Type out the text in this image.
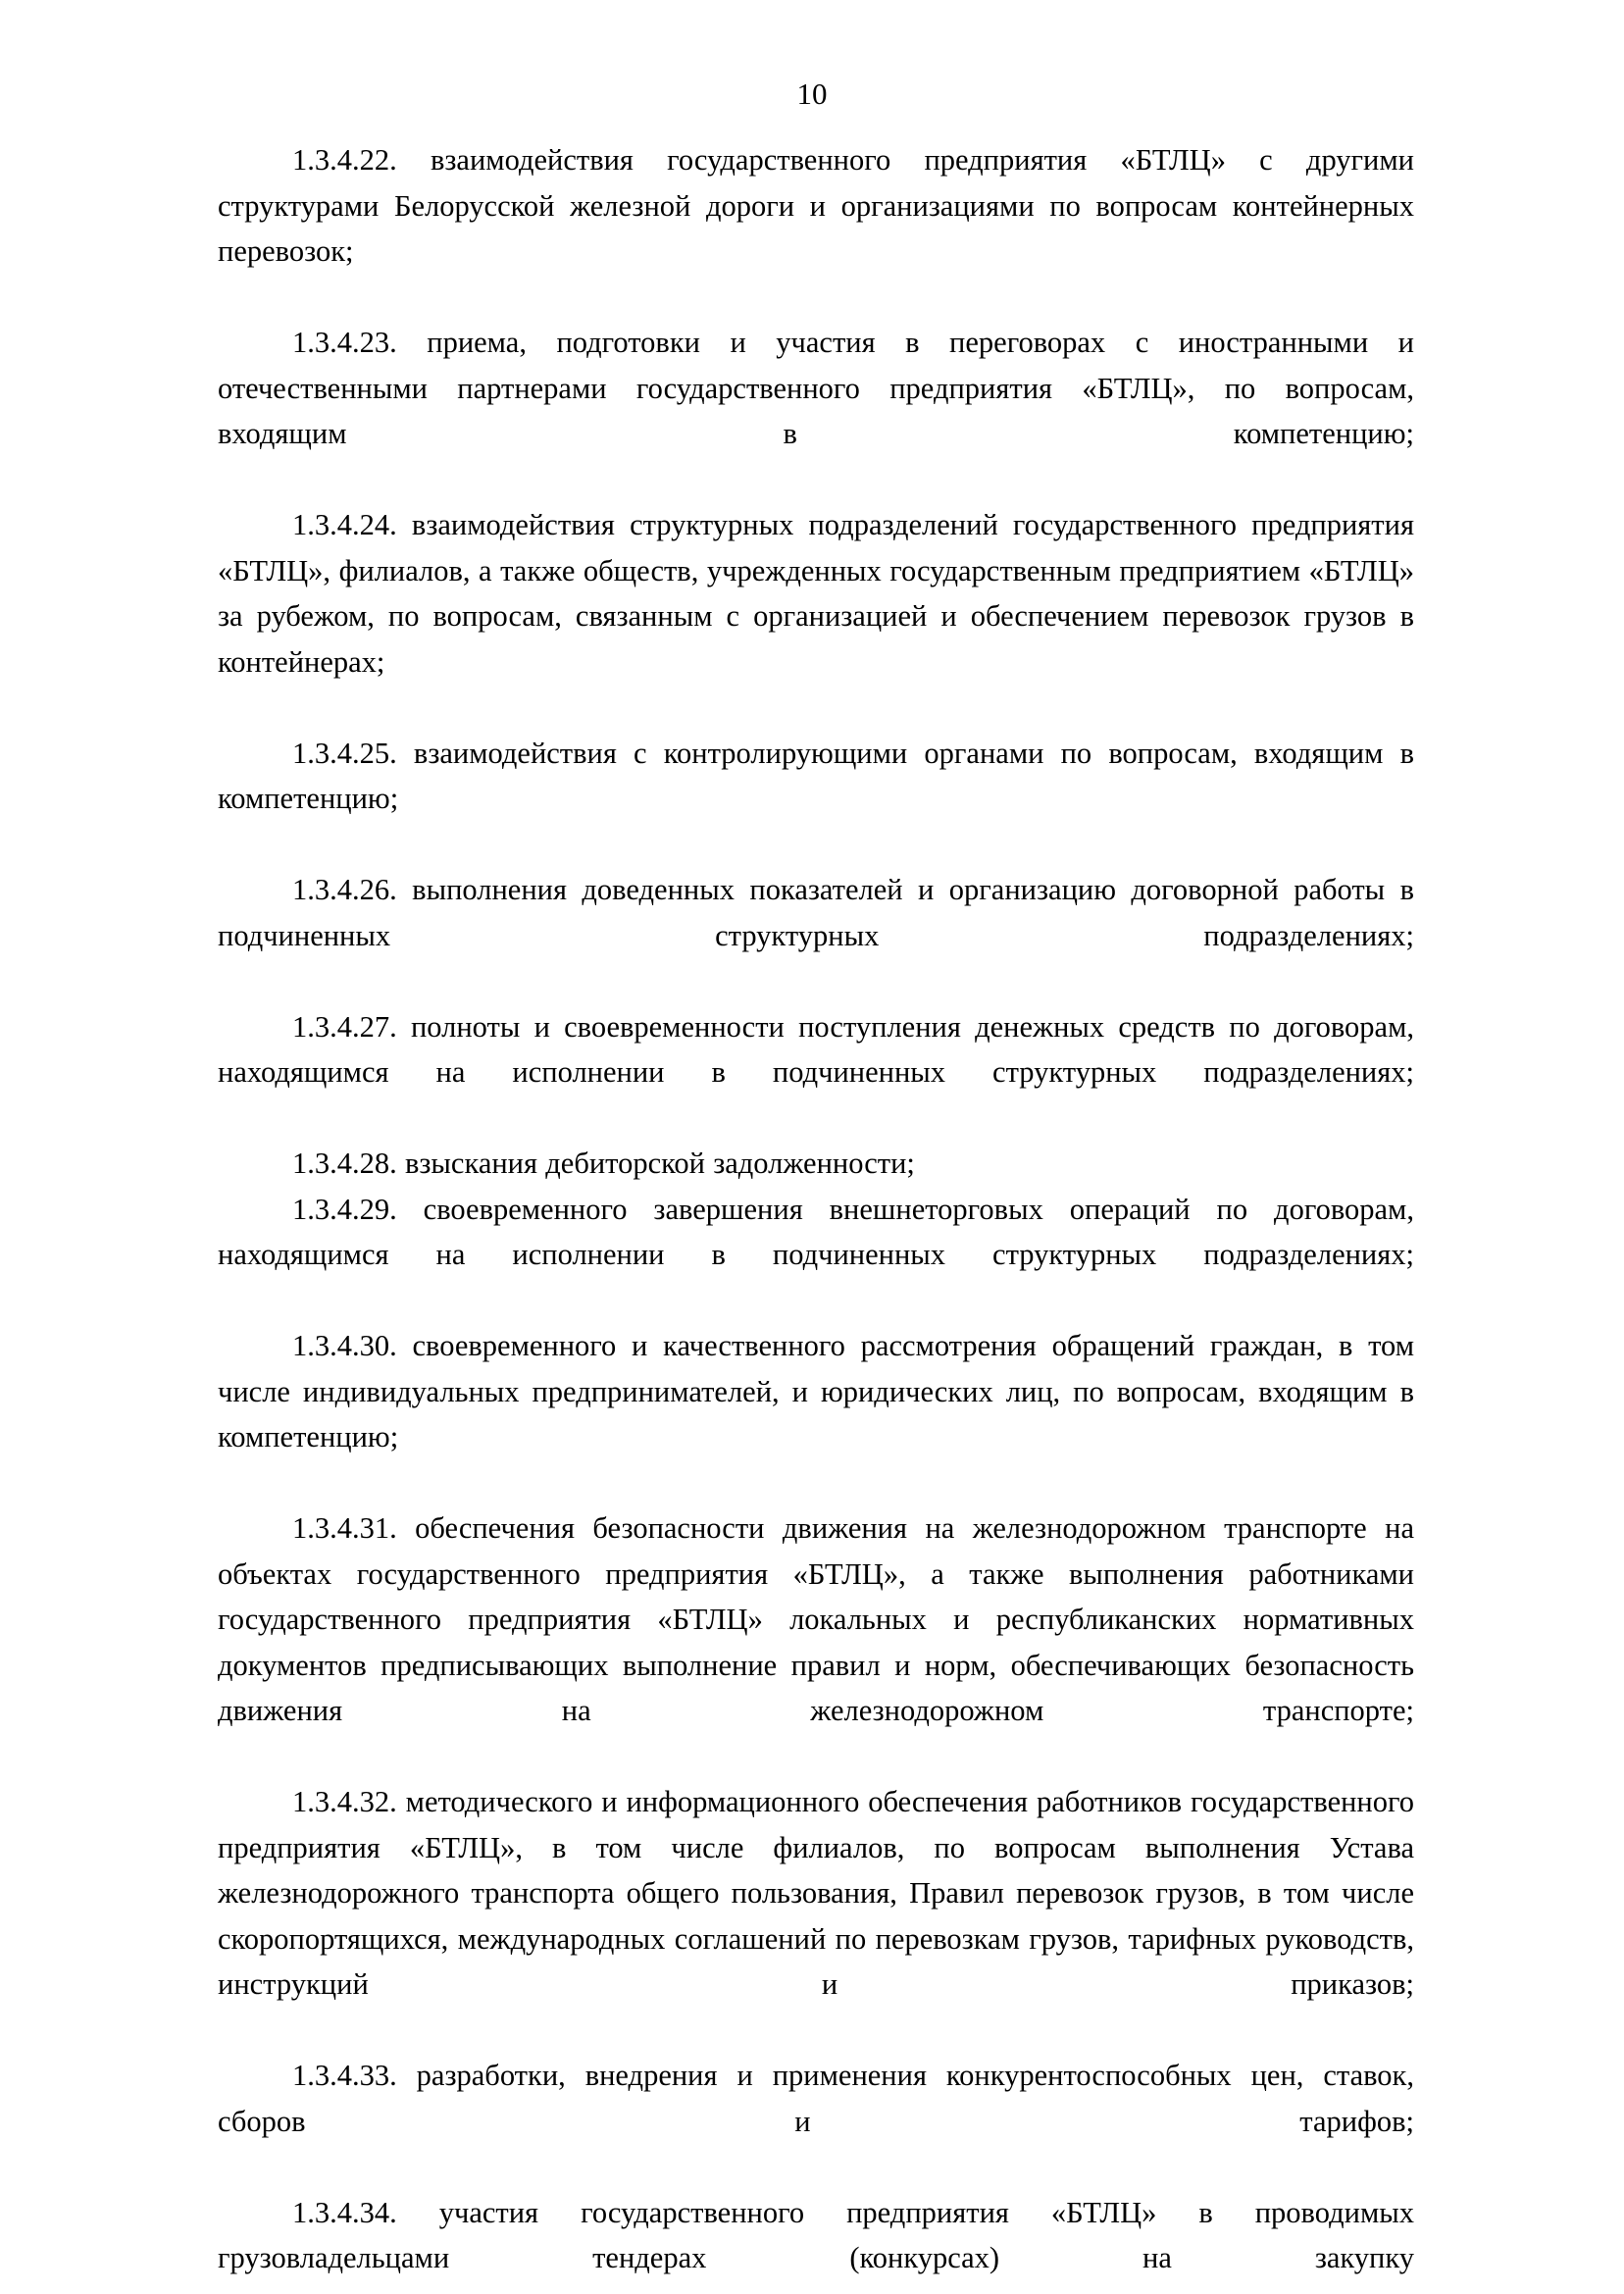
10

1.3.4.22. взаимодействия государственного предприятия «БТЛЦ» с другими структурами Белорусской железной дороги и организациями по вопросам контейнерных перевозок;

1.3.4.23. приема, подготовки и участия в переговорах с иностранными и отечественными партнерами государственного предприятия «БТЛЦ», по вопросам, входящим в компетенцию;

1.3.4.24. взаимодействия структурных подразделений государственного предприятия «БТЛЦ», филиалов, а также обществ, учрежденных государственным предприятием «БТЛЦ» за рубежом, по вопросам, связанным с организацией и обеспечением перевозок грузов в контейнерах;

1.3.4.25. взаимодействия с контролирующими органами по вопросам, входящим в компетенцию;

1.3.4.26. выполнения доведенных показателей и организацию договорной работы в подчиненных структурных подразделениях;

1.3.4.27. полноты и своевременности поступления денежных средств по договорам, находящимся на исполнении в подчиненных структурных подразделениях;

1.3.4.28. взыскания дебиторской задолженности;

1.3.4.29. своевременного завершения внешнеторговых операций по договорам, находящимся на исполнении в подчиненных структурных подразделениях;

1.3.4.30. своевременного и качественного рассмотрения обращений граждан, в том числе индивидуальных предпринимателей, и юридических лиц, по вопросам, входящим в компетенцию;

1.3.4.31. обеспечения безопасности движения на железнодорожном транспорте на объектах государственного предприятия «БТЛЦ», а также выполнения работниками государственного предприятия «БТЛЦ» локальных и республиканских нормативных документов предписывающих выполнение правил и норм, обеспечивающих безопасность движения на железнодорожном транспорте;

1.3.4.32. методического и информационного обеспечения работников государственного предприятия «БТЛЦ», в том числе филиалов, по вопросам выполнения Устава железнодорожного транспорта общего пользования, Правил перевозок грузов, в том числе скоропортящихся, международных соглашений по перевозкам грузов, тарифных руководств, инструкций и приказов;

1.3.4.33. разработки, внедрения и применения конкурентоспособных цен, ставок, сборов и тарифов;

1.3.4.34. участия государственного предприятия «БТЛЦ» в проводимых грузовладельцами тендерах (конкурсах) на закупку
